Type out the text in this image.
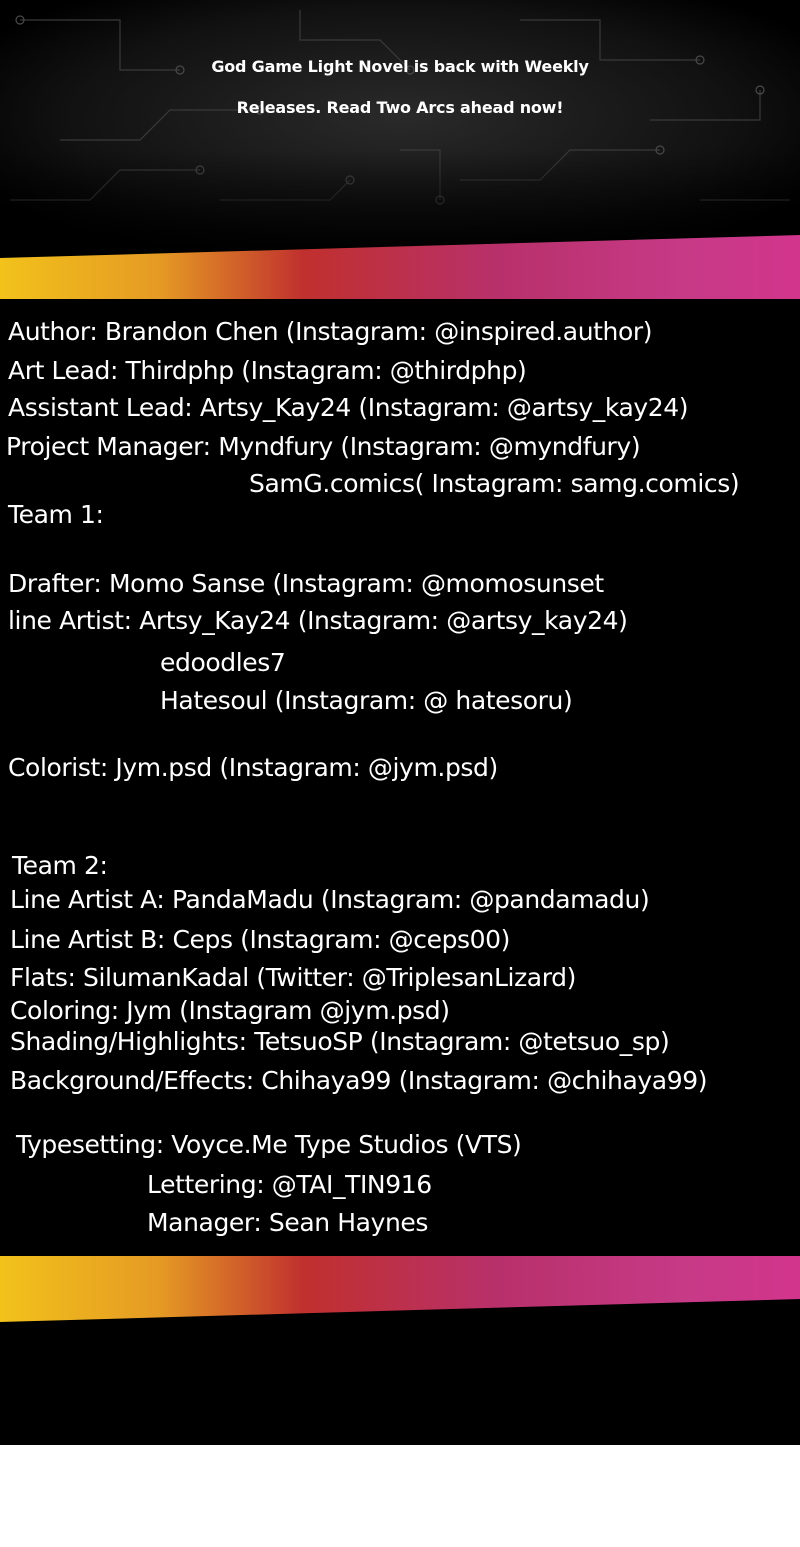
God Game Light Novel is back with Weekly
Releases. Read Two Arcs ahead now!
Author: Brandon Chen (Instagram: @inspired.author)
Art Lead: Thirdphp (Instagram: @thirdphp)
Assistant Lead: Artsy_Kay24 (Instagram: @artsy_kay24)
Project Manager: Myndfury (Instagram: @myndfury)
SamG.comics( Instagram: samg.comics)
Team 1:
Drafter: Momo Sanse (Instagram: @momosunset
line Artist: Artsy_Kay24 (Instagram: @artsy_kay24)
edoodles7
Hatesoul (Instagram: @ hatesoru)
Colorist: Jym.psd (Instagram: @jym.psd)
Team 2:
Line Artist A: PandaMadu (Instagram: @pandamadu)
Line Artist B: Ceps (Instagram: @ceps00)
Flats: SilumanKadal (Twitter: @TriplesanLizard)
Coloring: Jym (Instagram @jym.psd)
Shading/Highlights: TetsuoSP (Instagram: @tetsuo_sp)
Background/Effects: Chihaya99 (Instagram: @chihaya99)
Typesetting: Voyce.Me Type Studios (VTS)
Lettering: @TAI_TIN916
Manager: Sean Haynes
